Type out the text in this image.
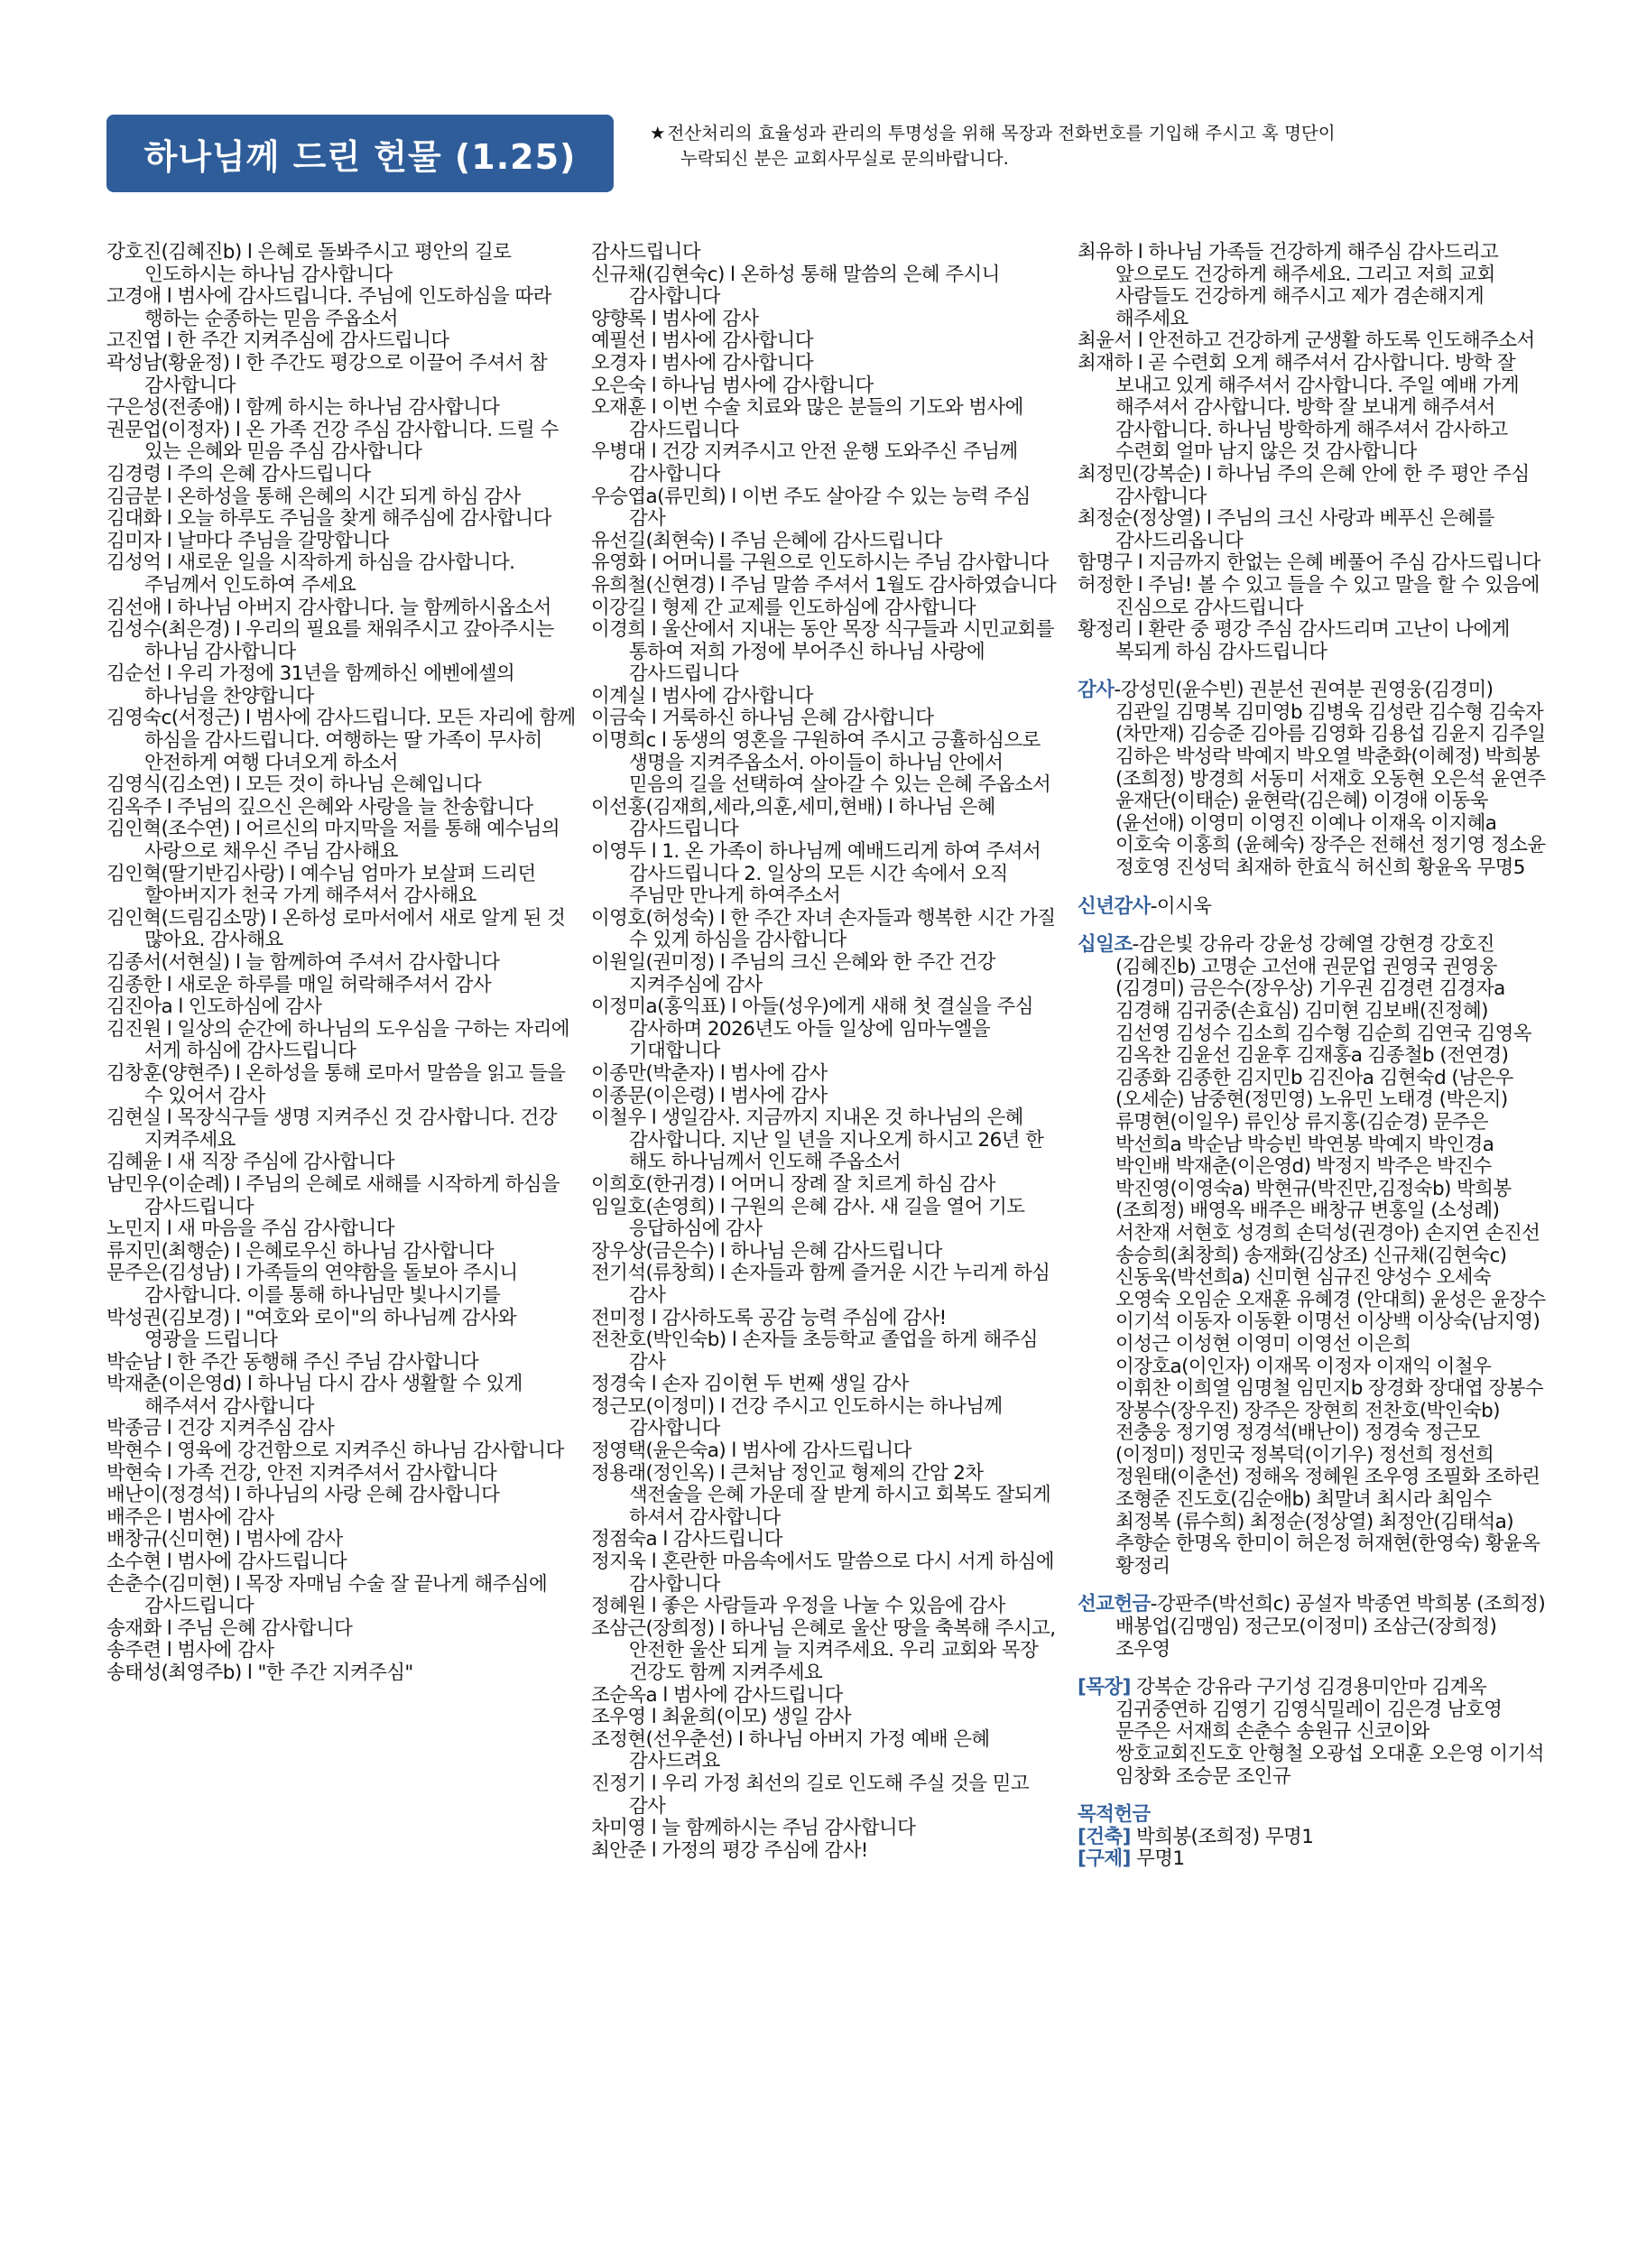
하나님께 드린 헌물 (1.25)
★ 전산처리의 효율성과 관리의 투명성을 위해 목장과 전화번호를 기입해 주시고 혹 명단이
누락되신 분은 교회사무실로 문의바랍니다.
강호진(김혜진b) l 은혜로 돌봐주시고 평안의 길로 인도하시는 하나님 감사합니다
고경애 l 범사에 감사드립니다. 주님에 인도하심을 따라 행하는 순종하는 믿음 주옵소서
고진엽 l 한 주간 지켜주심에 감사드립니다
곽성남(황윤정) l 한 주간도 평강으로 이끌어 주셔서 참 감사합니다
구은성(전종애) l 함께 하시는 하나님 감사합니다
권문업(이정자) l 온 가족 건강 주심 감사합니다. 드릴 수 있는 은혜와 믿음 주심 감사합니다
김경령 l 주의 은혜 감사드립니다
김금분 l 온하성을 통해 은혜의 시간 되게 하심 감사
김대화 l 오늘 하루도 주님을 찾게 해주심에 감사합니다
김미자 l 날마다 주님을 갈망합니다
김성억 l 새로운 일을 시작하게 하심을 감사합니다. 주님께서 인도하여 주세요
김선애 l 하나님 아버지 감사합니다. 늘 함께하시옵소서
김성수(최은경) l 우리의 필요를 채워주시고 갚아주시는 하나님 감사합니다
김순선 l 우리 가정에 31년을 함께하신 에벤에셀의 하나님을 찬양합니다
김영숙c(서정근) l 범사에 감사드립니다. 모든 자리에 함께 하심을 감사드립니다. 여행하는 딸 가족이 무사히 안전하게 여행 다녀오게 하소서
김영식(김소연) l 모든 것이 하나님 은혜입니다
김옥주 l 주님의 깊으신 은혜와 사랑을 늘 찬송합니다
김인혁(조수연) l 어르신의 마지막을 저를 통해 예수님의 사랑으로 채우신 주님 감사해요
김인혁(딸기반김사랑) l 예수님 엄마가 보살펴 드리던 할아버지가 천국 가게 해주셔서 감사해요
김인혁(드림김소망) l 온하성 로마서에서 새로 알게 된 것 많아요. 감사해요
김종서(서현실) l 늘 함께하여 주셔서 감사합니다
김종한 l 새로운 하루를 매일 허락해주셔서 감사
김진아a l 인도하심에 감사
김진원 l 일상의 순간에 하나님의 도우심을 구하는 자리에 서게 하심에 감사드립니다
김창훈(양현주) l 온하성을 통해 로마서 말씀을 읽고 들을 수 있어서 감사
김현실 l 목장식구들 생명 지켜주신 것 감사합니다. 건강 지켜주세요
김혜윤 l 새 직장 주심에 감사합니다
남민우(이순례) l 주님의 은혜로 새해를 시작하게 하심을 감사드립니다
노민지 l 새 마음을 주심 감사합니다
류지민(최행순) l 은혜로우신 하나님 감사합니다
문주은(김성남) l 가족들의 연약함을 돌보아 주시니 감사합니다. 이를 통해 하나님만 빛나시기를
박성권(김보경) l "여호와 로이"의 하나님께 감사와 영광을 드립니다
박순남 l 한 주간 동행해 주신 주님 감사합니다
박재춘(이은영d) l 하나님 다시 감사 생활할 수 있게 해주셔서 감사합니다
박종금 l 건강 지켜주심 감사
박현수 l 영육에 강건함으로 지켜주신 하나님 감사합니다
박현숙 l 가족 건강, 안전 지켜주셔서 감사합니다
배난이(정경석) l 하나님의 사랑 은혜 감사합니다
배주은 l 범사에 감사
배창규(신미현) l 범사에 감사
소수현 l 범사에 감사드립니다
손춘수(김미현) l 목장 자매님 수술 잘 끝나게 해주심에 감사드립니다
송재화 l 주님 은혜 감사합니다
송주련 l 범사에 감사
송태성(최영주b) l "한 주간 지켜주심"
감사드립니다
신규채(김현숙c) l 온하성 통해 말씀의 은혜 주시니 감사합니다
양향록 l 범사에 감사
예필선 l 범사에 감사합니다
오경자 l 범사에 감사합니다
오은숙 l 하나님 범사에 감사합니다
오재훈 l 이번 수술 치료와 많은 분들의 기도와 범사에 감사드립니다
우병대 l 건강 지켜주시고 안전 운행 도와주신 주님께 감사합니다
우승엽a(류민희) l 이번 주도 살아갈 수 있는 능력 주심 감사
유선길(최현숙) l 주님 은혜에 감사드립니다
유영화 l 어머니를 구원으로 인도하시는 주님 감사합니다
유희철(신현경) l 주님 말씀 주셔서 1월도 감사하였습니다
이강길 l 형제 간 교제를 인도하심에 감사합니다
이경희 l 울산에서 지내는 동안 목장 식구들과 시민교회를 통하여 저희 가정에 부어주신 하나님 사랑에 감사드립니다
이계실 l 범사에 감사합니다
이금숙 l 거룩하신 하나님 은혜 감사합니다
이명희c l 동생의 영혼을 구원하여 주시고 긍휼하심으로 생명을 지켜주옵소서. 아이들이 하나님 안에서 믿음의 길을 선택하여 살아갈 수 있는 은혜 주옵소서
이선홍(김재희,세라,의훈,세미,현배) l 하나님 은혜 감사드립니다
이영두 l 1. 온 가족이 하나님께 예배드리게 하여 주셔서 감사드립니다 2. 일상의 모든 시간 속에서 오직 주님만 만나게 하여주소서
이영호(허성숙) l 한 주간 자녀 손자들과 행복한 시간 가질 수 있게 하심을 감사합니다
이원일(권미정) l 주님의 크신 은혜와 한 주간 건강 지켜주심에 감사
이정미a(홍익표) l 아들(성우)에게 새해 첫 결실을 주심 감사하며 2026년도 아들 일상에 임마누엘을 기대합니다
이종만(박춘자) l 범사에 감사
이종문(이은령) l 범사에 감사
이철우 l 생일감사. 지금까지 지내온 것 하나님의 은혜 감사합니다. 지난 일 년을 지나오게 하시고 26년 한 해도 하나님께서 인도해 주옵소서
이희호(한귀경) l 어머니 장례 잘 치르게 하심 감사
임일호(손영희) l 구원의 은혜 감사. 새 길을 열어 기도 응답하심에 감사
장우상(금은수) l 하나님 은혜 감사드립니다
전기석(류창희) l 손자들과 함께 즐거운 시간 누리게 하심 감사
전미정 l 감사하도록 공감 능력 주심에 감사!
전찬호(박인숙b) l 손자들 초등학교 졸업을 하게 해주심 감사
정경숙 l 손자 김이현 두 번째 생일 감사
정근모(이정미) l 건강 주시고 인도하시는 하나님께 감사합니다
정영택(윤은숙a) l 범사에 감사드립니다
정용래(정인옥) l 큰처남 정인교 형제의 간암 2차 색전술을 은혜 가운데 잘 받게 하시고 회복도 잘되게 하셔서 감사합니다
정점숙a l 감사드립니다
정지욱 l 혼란한 마음속에서도 말씀으로 다시 서게 하심에 감사합니다
정혜원 l 좋은 사람들과 우정을 나눌 수 있음에 감사
조삼근(장희정) l 하나님 은혜로 울산 땅을 축복해 주시고, 안전한 울산 되게 늘 지켜주세요. 우리 교회와 목장 건강도 함께 지켜주세요
조순옥a l 범사에 감사드립니다
조우영 l 최윤희(이모) 생일 감사
조정현(선우춘선) l 하나님 아버지 가정 예배 은혜 감사드려요
진정기 l 우리 가정 최선의 길로 인도해 주실 것을 믿고 감사
차미영 l 늘 함께하시는 주님 감사합니다
최안준 l 가정의 평강 주심에 감사!
최유하 l 하나님 가족들 건강하게 해주심 감사드리고 앞으로도 건강하게 해주세요. 그리고 저희 교회 사람들도 건강하게 해주시고 제가 겸손해지게 해주세요
최윤서 l 안전하고 건강하게 군생활 하도록 인도해주소서
최재하 l 곧 수련회 오게 해주셔서 감사합니다. 방학 잘 보내고 있게 해주셔서 감사합니다. 주일 예배 가게 해주셔서 감사합니다. 방학 잘 보내게 해주셔서 감사합니다. 하나님 방학하게 해주셔서 감사하고 수련회 얼마 남지 않은 것 감사합니다
최정민(강복순) l 하나님 주의 은혜 안에 한 주 평안 주심 감사합니다
최정순(정상열) l 주님의 크신 사랑과 베푸신 은혜를 감사드리옵니다
함명구 l 지금까지 한없는 은혜 베풀어 주심 감사드립니다
허정한 l 주님! 볼 수 있고 들을 수 있고 말을 할 수 있음에 진심으로 감사드립니다
황정리 l 환란 중 평강 주심 감사드리며 고난이 나에게 복되게 하심 감사드립니다
감사-강성민(윤수빈) 권분선 권여분 권영웅(김경미) 김관일 김명복 김미영b 김병욱 김성란 김수형 김숙자(차만재) 김승준 김아름 김영화 김용섭 김윤지 김주일 김하은 박성락 박예지 박오열 박춘화(이혜정) 박희봉(조희정) 방경희 서동미 서재호 오동현 오은석 윤연주 윤재단(이태순) 윤현락(김은혜) 이경애 이동욱(윤선애) 이영미 이영진 이예나 이재옥 이지혜a 이호숙 이홍희 (윤혜숙) 장주은 전해선 정기영 정소윤 정호영 진성덕 최재하 한효식 허신희 황윤옥 무명5
신년감사-이시욱
십일조-감은빛 강유라 강윤성 강혜열 강현경 강호진 (김혜진b) 고명순 고선애 권문업 권영국 권영웅 (김경미) 금은수(장우상) 기우권 김경련 김경자a 김경해 김귀중(손효심) 김미현 김보배(진정혜) 김선영 김성수 김소희 김수형 김순희 김연국 김영옥 김옥찬 김윤선 김윤후 김재홍a 김종철b (전연경) 김종화 김종한 김지민b 김진아a 김현숙d (남은우(오세순) 남중현(정민영) 노유민 노태경 (박은지) 류명현(이일우) 류인상 류지홍(김순경) 문주은 박선희a 박순남 박승빈 박연봉 박예지 박인경a 박인배 박재춘(이은영d) 박정지 박주은 박진수 박진영(이영숙a) 박현규(박진만,김정숙b) 박희봉(조희정) 배영옥 배주은 배창규 변홍일 (소성례) 서찬재 서현호 성경희 손덕성(권경아) 손지연 손진선 송승희(최창희) 송재화(김상조) 신규채(김현숙c) 신동욱(박선희a) 신미현 심규진 양성수 오세숙 오영숙 오임순 오재훈 유혜경 (안대희) 윤성은 윤장수 이기석 이동자 이동환 이명선 이상백 이상숙(남지영) 이성근 이성현 이영미 이영선 이은희 이장호a(이인자) 이재목 이정자 이재익 이철우 이휘찬 이희열 임명철 임민지b 장경화 장대엽 장봉수 장봉수(장우진) 장주은 장현희 전찬호(박인숙b) 전충웅 정기영 정경석(배난이) 정경숙 정근모(이정미) 정민국 정복덕(이기우) 정선희 정선희 정원태(이춘선) 정해옥 정혜원 조우영 조필화 조하린 조형준 진도호(김순애b) 최말녀 최시라 최임수 최정복 (류수희) 최정순(정상열) 최정안(김태석a) 추향순 한명옥 한미이 허은정 허재현(한영숙) 황윤옥 황정리
선교헌금-강판주(박선희c) 공설자 박종연 박희봉 (조희정) 배봉업(김맹임) 정근모(이정미) 조삼근(장희정) 조우영
[목장] 강복순 강유라 구기성 김경용미안마 김계옥 김귀중연하 김영기 김영식밀레이 김은경 남호영 문주은 서재희 손춘수 송원규 신코이와 쌍호교회진도호 안형철 오광섭 오대훈 오은영 이기석 임창화 조승문 조인규
목적헌금
[건축] 박희봉(조희정) 무명1
[구제] 무명1
